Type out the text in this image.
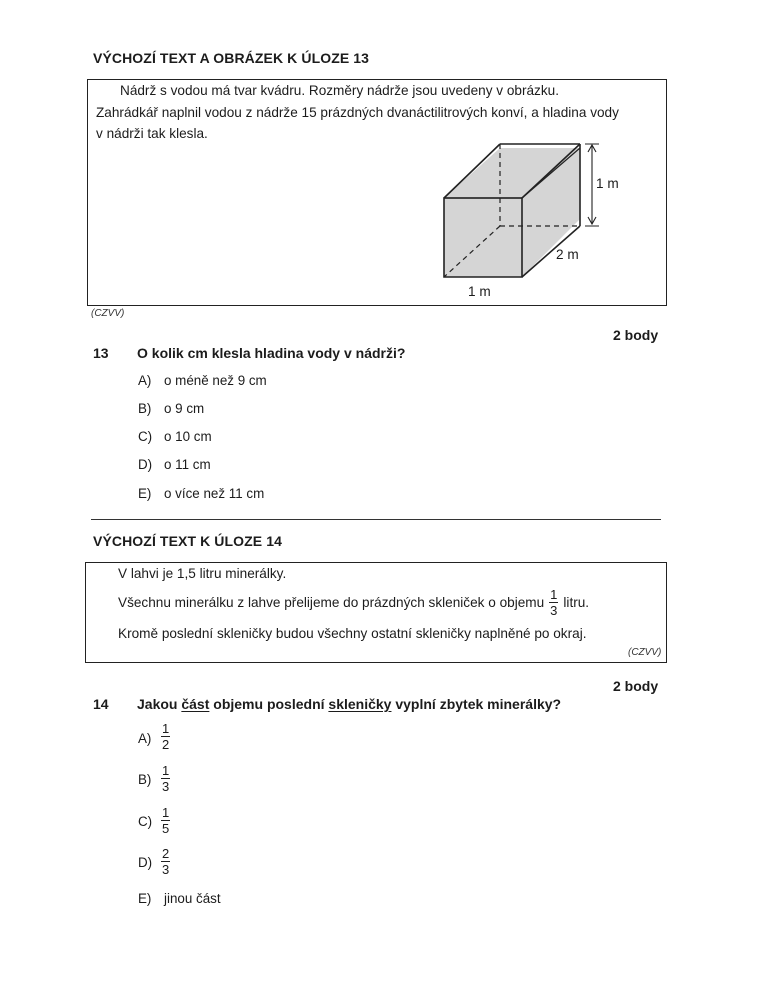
VÝCHOZÍ TEXT A OBRÁZEK K ÚLOZE 13
Nádrž s vodou má tvar kvádru. Rozměry nádrže jsou uvedeny v obrázku.
Zahrádkář naplnil vodou z nádrže 15 prázdných dvanáctilitrových konví, a hladina vody
v nádrži tak klesla.
1 m
2 m
1 m
(CZVV)
2 body
13 O kolik cm klesla hladina vody v nádrži?
A) o méně než 9 cm
B) o 9 cm
C) o 10 cm
D) o 11 cm
E) o více než 11 cm
VÝCHOZÍ TEXT K ÚLOZE 14
V lahvi je 1,5 litru minerálky.
Všechnu minerálku z lahve přelijeme do prázdných skleniček o objemu $\frac{1}{3}$ litru.
Kromě poslední skleničky budou všechny ostatní skleničky naplněné po okraj.
(CZVV)
2 body
14 Jakou část objemu poslední skleničky vyplní zbytek minerálky?
A)
1
2
B)
1
3
C)
1
5
D)
2
3
E) jinou část
